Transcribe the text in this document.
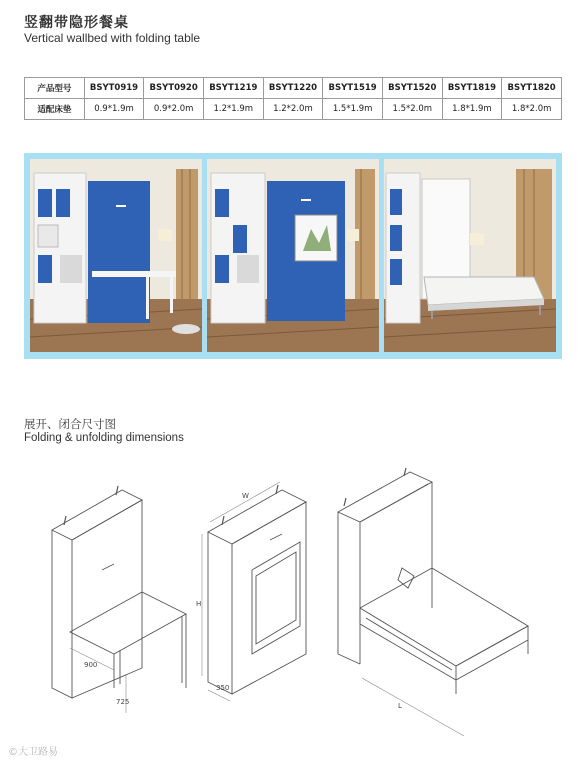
竖翻带隐形餐桌
Vertical wallbed with folding table
产品型号	BSYT0919	BSYT0920	BSYT1219	BSYT1220	BSYT1519	BSYT1520	BSYT1819	BSYT1820
适配床垫	0.9*1.9m	0.9*2.0m	1.2*1.9m	1.2*2.0m	1.5*1.9m	1.5*2.0m	1.8*1.9m	1.8*2.0m
展开、闭合尺寸图
Folding & unfolding dimensions
900
725
H
W
350
L
©大卫路易
